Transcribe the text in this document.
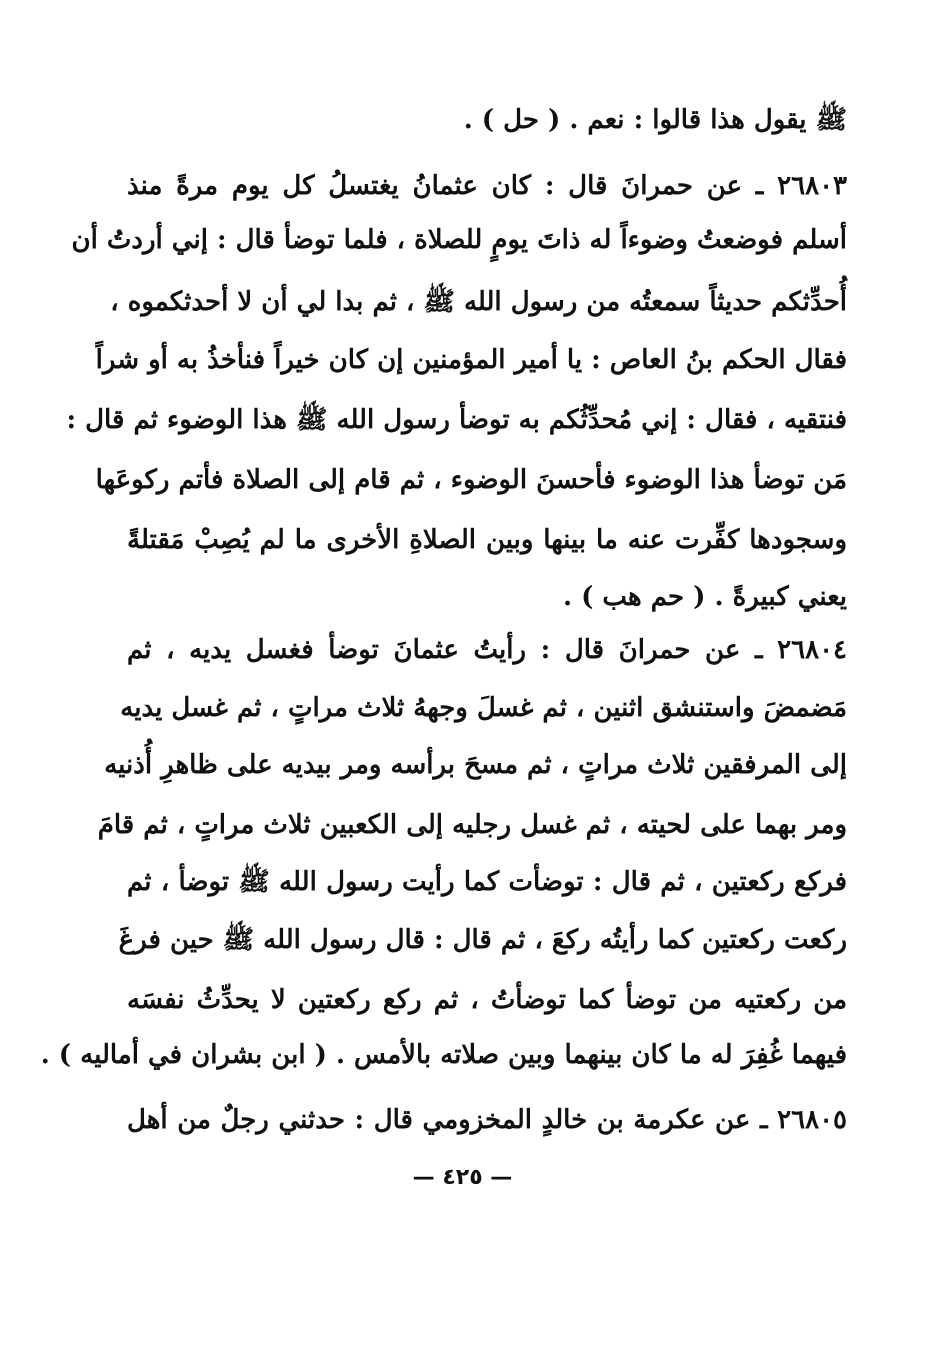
ﷺ يقول هذا قالوا : نعم . ( حل ) .
٢٦٨٠٣ ـ عن حمرانَ قال : كان عثمانُ يغتسلُ كل يوم مرةً منذ
أسلم فوضعتُ وضوءاً له ذاتَ يومٍ للصلاة ، فلما توضأ قال : إني أردتُ أن
أُحدِّثكم حديثاً سمعتُه من رسول الله ﷺ ، ثم بدا لي أن لا أحدثكموه ،
فقال الحكم بنُ العاص : يا أمير المؤمنين إن كان خيراً فنأخذُ به أو شراً
فنتقيه ، فقال : إني مُحدِّثُكم به توضأ رسول الله ﷺ هذا الوضوء ثم قال :
مَن توضأ هذا الوضوء فأحسنَ الوضوء ، ثم قام إلى الصلاة فأتم ركوعَها
وسجودها كفِّرت عنه ما بينها وبين الصلاةِ الأخرى ما لم يُصِبْ مَقتلةً
يعني كبيرةً . ( حم هب ) .
٢٦٨٠٤ ـ عن حمرانَ قال : رأيتُ عثمانَ توضأ فغسل يديه ، ثم
مَضمضَ واستنشق اثنين ، ثم غسلَ وجههُ ثلاث مراتٍ ، ثم غسل يديه
إلى المرفقين ثلاث مراتٍ ، ثم مسحَ برأسه ومر بيديه على ظاهرِ أُذنيه
ومر بهما على لحيته ، ثم غسل رجليه إلى الكعبين ثلاث مراتٍ ، ثم قامَ
فركع ركعتين ، ثم قال : توضأت كما رأيت رسول الله ﷺ توضأ ، ثم
ركعت ركعتين كما رأيتُه ركعَ ، ثم قال : قال رسول الله ﷺ حين فرغَ
من ركعتيه من توضأ كما توضأتُ ، ثم ركع ركعتين لا يحدِّثُ نفسَه
فيهما غُفِرَ له ما كان بينهما وبين صلاته بالأمس . ( ابن بشران في أماليه ) .
٢٦٨٠٥ ـ عن عكرمة بن خالدٍ المخزومي قال : حدثني رجلٌ من أهل
— ٤٢٥ —
